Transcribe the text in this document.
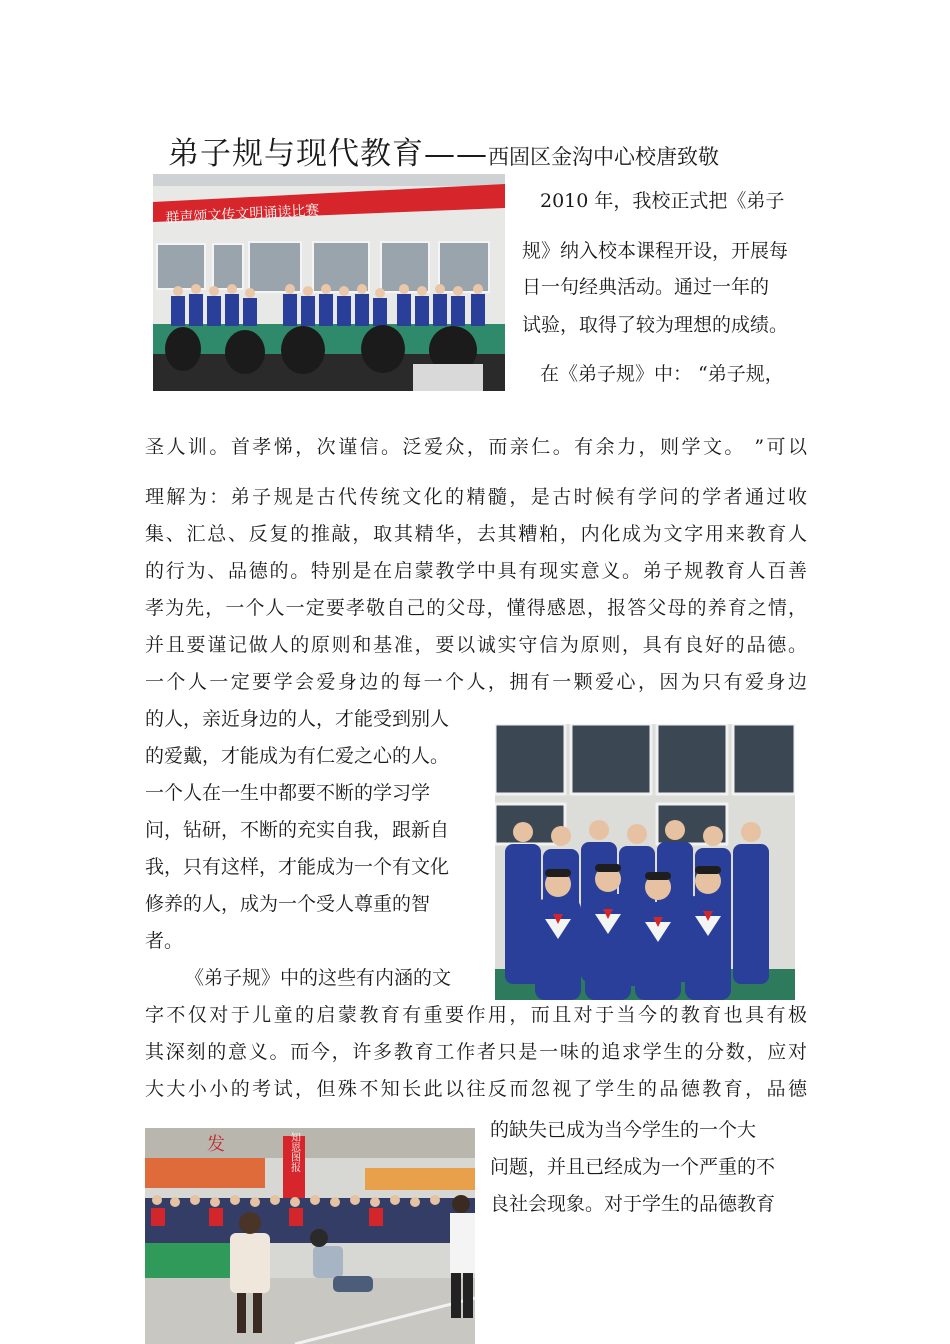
弟子规与现代教育——西固区金沟中心校唐致敬
群声颂文传文明诵读比赛
发	知恩图报
2010 年，我校正式把《弟子
规》纳入校本课程开设，开展每
日一句经典活动。通过一年的
试验，取得了较为理想的成绩。
在《弟子规》中： “弟子规，
圣人训。首孝悌，次谨信。泛爱众，而亲仁。有余力，则学文。 ”可以
理解为：弟子规是古代传统文化的精髓，是古时候有学问的学者通过收
集、汇总、反复的推敲，取其精华，去其糟粕，内化成为文字用来教育人
的行为、品德的。特别是在启蒙教学中具有现实意义。弟子规教育人百善
孝为先，一个人一定要孝敬自己的父母，懂得感恩，报答父母的养育之情，
并且要谨记做人的原则和基准，要以诚实守信为原则，具有良好的品德。
一个人一定要学会爱身边的每一个人，拥有一颗爱心，因为只有爱身边
的人，亲近身边的人，才能受到别人
的爱戴，才能成为有仁爱之心的人。
一个人在一生中都要不断的学习学
问，钻研，不断的充实自我，跟新自
我，只有这样，才能成为一个有文化
修养的人，成为一个受人尊重的智
者。
《弟子规》中的这些有内涵的文
字不仅对于儿童的启蒙教育有重要作用，而且对于当今的教育也具有极
其深刻的意义。而今，许多教育工作者只是一味的追求学生的分数，应对
大大小小的考试，但殊不知长此以往反而忽视了学生的品德教育，品德
的缺失已成为当今学生的一个大
问题，并且已经成为一个严重的不
良社会现象。对于学生的品德教育
